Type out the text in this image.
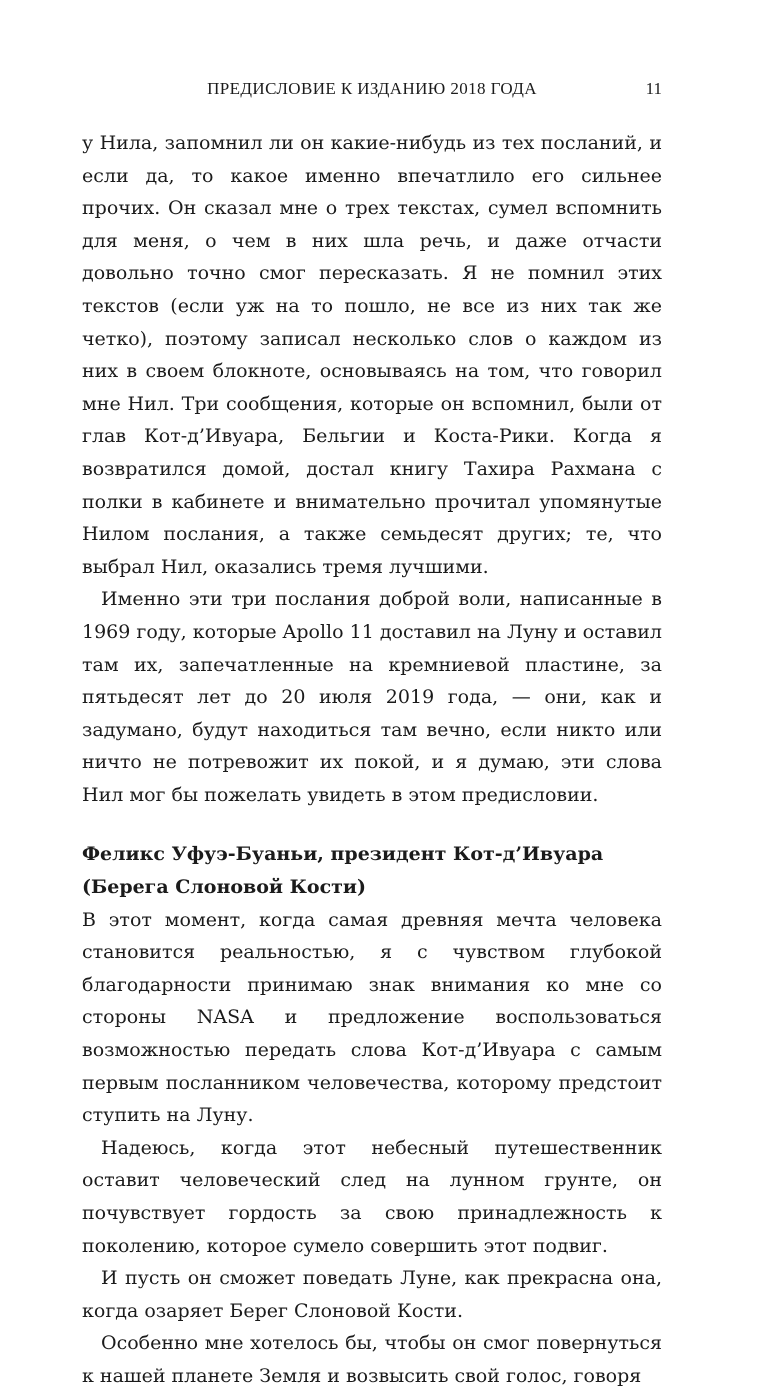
ПРЕДИСЛОВИЕ К ИЗДАНИЮ 2018 ГОДА	11

у Нила, запомнил ли он какие-нибудь из тех посланий, и если да, то какое именно впечатлило его сильнее прочих. Он сказал мне о трех текстах, сумел вспомнить для меня, о чем в них шла речь, и даже отчасти довольно точно смог пересказать. Я не помнил этих текстов (если уж на то пошло, не все из них так же четко), поэтому записал несколько слов о каждом из них в своем блокноте, основываясь на том, что говорил мне Нил. Три сообщения, которые он вспомнил, были от глав Кот-д’Ивуара, Бельгии и Коста-Рики. Когда я возвратился домой, достал книгу Тахира Рахмана с полки в кабинете и внимательно прочитал упомянутые Нилом послания, а также семьдесят других; те, что выбрал Нил, оказались тремя лучшими.

Именно эти три послания доброй воли, написанные в 1969 году, которые Apollo 11 доставил на Луну и оставил там их, запечатленные на кремниевой пластине, за пятьдесят лет до 20 июля 2019 года, — они, как и задумано, будут находиться там вечно, если никто или ничто не потревожит их покой, и я думаю, эти слова Нил мог бы пожелать увидеть в этом предисловии.

Феликс Уфуэ-Буаньи, президент Кот-д’Ивуара (Берега Слоновой Кости)

В этот момент, когда самая древняя мечта человека становится реальностью, я с чувством глубокой благодарности принимаю знак внимания ко мне со стороны NASA и предложение воспользоваться возможностью передать слова Кот-д’Ивуара с самым первым посланником человечества, которому предстоит ступить на Луну.

Надеюсь, когда этот небесный путешественник оставит человеческий след на лунном грунте, он почувствует гордость за свою принадлежность к поколению, которое сумело совершить этот подвиг.

И пусть он сможет поведать Луне, как прекрасна она, когда озаряет Берег Слоновой Кости.

Особенно мне хотелось бы, чтобы он смог повернуться к нашей планете Земля и возвысить свой голос, говоря
